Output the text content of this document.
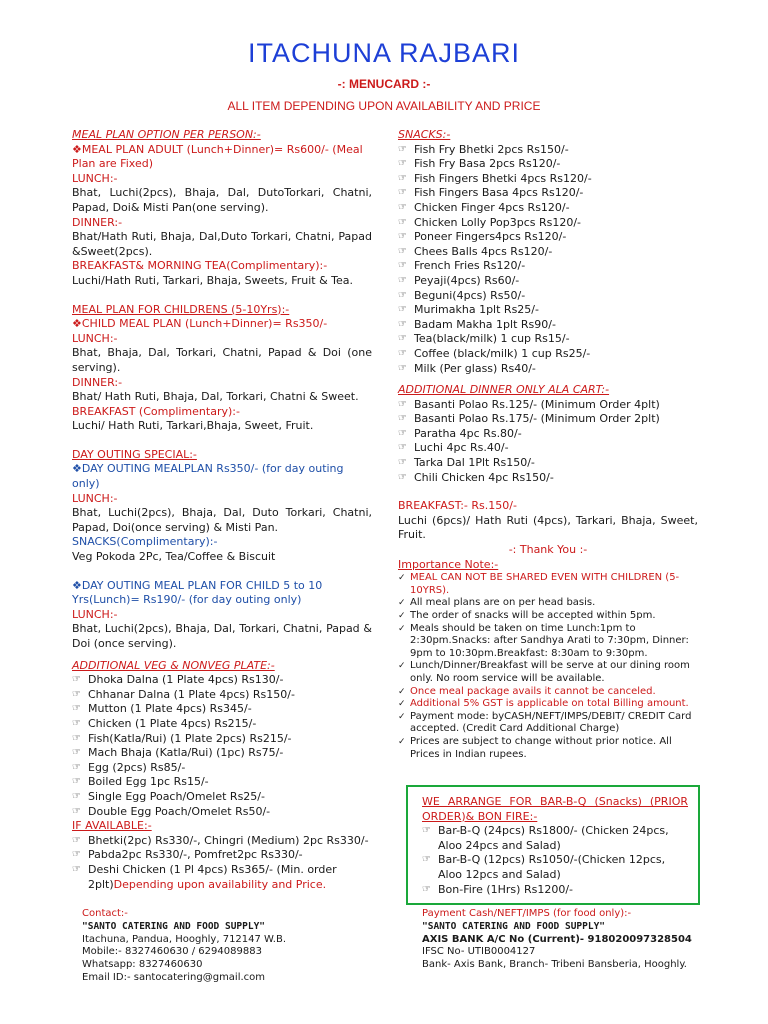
ITACHUNA RAJBARI
-: MENUCARD :-
ALL ITEM DEPENDING UPON AVAILABILITY AND PRICE
MEAL PLAN OPTION PER PERSON:-
❖MEAL PLAN ADULT (Lunch+Dinner)= Rs600/- (Meal Plan are Fixed)
LUNCH:-
Bhat, Luchi(2pcs), Bhaja, Dal, DutoTorkari, Chatni, Papad, Doi& Misti Pan(one serving).
DINNER:-
Bhat/Hath Ruti, Bhaja, Dal,Duto Torkari, Chatni, Papad &Sweet(2pcs).
BREAKFAST& MORNING TEA(Complimentary):-
Luchi/Hath Ruti, Tarkari, Bhaja, Sweets, Fruit & Tea.
MEAL PLAN FOR CHILDRENS (5-10Yrs):-
❖CHILD MEAL PLAN (Lunch+Dinner)= Rs350/-
LUNCH:-
Bhat, Bhaja, Dal, Torkari, Chatni, Papad & Doi (one serving).
DINNER:-
Bhat/ Hath Ruti, Bhaja, Dal, Torkari, Chatni & Sweet.
BREAKFAST (Complimentary):-
Luchi/ Hath Ruti, Tarkari,Bhaja, Sweet, Fruit.
DAY OUTING SPECIAL:-
❖DAY OUTING MEALPLAN Rs350/- (for day outing only)
LUNCH:-
Bhat, Luchi(2pcs), Bhaja, Dal, Duto Torkari, Chatni, Papad, Doi(once serving) & Misti Pan.
SNACKS(Complimentary):-
Veg Pokoda 2Pc, Tea/Coffee & Biscuit
❖DAY OUTING MEAL PLAN FOR CHILD 5 to 10 Yrs(Lunch)= Rs190/- (for day outing only)
LUNCH:-
Bhat, Luchi(2pcs), Bhaja, Dal, Torkari, Chatni, Papad & Doi (once serving).
ADDITIONAL VEG & NONVEG PLATE:-
☞ Dhoka Dalna (1 Plate 4pcs) Rs130/-
☞ Chhanar Dalna (1 Plate 4pcs) Rs150/-
☞ Mutton (1 Plate 4pcs) Rs345/-
☞ Chicken (1 Plate 4pcs) Rs215/-
☞ Fish(Katla/Rui) (1 Plate 2pcs) Rs215/-
☞ Mach Bhaja (Katla/Rui) (1pc) Rs75/-
☞ Egg (2pcs) Rs85/-
☞ Boiled Egg 1pc Rs15/-
☞ Single Egg Poach/Omelet Rs25/-
☞ Double Egg Poach/Omelet Rs50/-
IF AVAILABLE:-
☞ Bhetki(2pc) Rs330/-, Chingri (Medium) 2pc Rs330/-
☞ Pabda2pc Rs330/-, Pomfret2pc Rs330/-
☞ Deshi Chicken (1 Pl 4pcs) Rs365/- (Min. order 2plt)Depending upon availability and Price.
SNACKS:-
☞ Fish Fry Bhetki 2pcs Rs150/-
☞ Fish Fry Basa 2pcs Rs120/-
☞ Fish Fingers Bhetki 4pcs Rs120/-
☞ Fish Fingers Basa 4pcs Rs120/-
☞ Chicken Finger 4pcs Rs120/-
☞ Chicken Lolly Pop3pcs Rs120/-
☞ Poneer Fingers4pcs Rs120/-
☞ Chees Balls 4pcs Rs120/-
☞ French Fries Rs120/-
☞ Peyaji(4pcs) Rs60/-
☞ Beguni(4pcs) Rs50/-
☞ Murimakha 1plt Rs25/-
☞ Badam Makha 1plt Rs90/-
☞ Tea(black/milk) 1 cup Rs15/-
☞ Coffee (black/milk) 1 cup Rs25/-
☞ Milk (Per glass) Rs40/-
ADDITIONAL DINNER ONLY ALA CART:-
☞ Basanti Polao Rs.125/- (Minimum Order 4plt)
☞ Basanti Polao Rs.175/- (Minimum Order 2plt)
☞ Paratha 4pc Rs.80/-
☞ Luchi 4pc Rs.40/-
☞ Tarka Dal 1Plt Rs150/-
☞ Chili Chicken 4pc Rs150/-
BREAKFAST:- Rs.150/-
Luchi (6pcs)/ Hath Ruti (4pcs), Tarkari, Bhaja, Sweet, Fruit.
-: Thank You :-
Importance Note:-
✓ MEAL CAN NOT BE SHARED EVEN WITH CHILDREN (5-10YRS).
✓ All meal plans are on per head basis.
✓ The order of snacks will be accepted within 5pm.
✓ Meals should be taken on time Lunch:1pm to 2:30pm.Snacks: after Sandhya Arati to 7:30pm, Dinner: 9pm to 10:30pm.Breakfast: 8:30am to 9:30pm.
✓ Lunch/Dinner/Breakfast will be serve at our dining room only. No room service will be available.
✓ Once meal package avails it cannot be canceled.
✓ Additional 5% GST is applicable on total Billing amount.
✓ Payment mode: byCASH/NEFT/IMPS/DEBIT/ CREDIT Card accepted. (Credit Card Additional Charge)
✓ Prices are subject to change without prior notice. All Prices in Indian rupees.
WE ARRANGE FOR BAR-B-Q (Snacks) (PRIOR ORDER)& BON FIRE:-
☞ Bar-B-Q (24pcs) Rs1800/- (Chicken 24pcs, Aloo 24pcs and Salad)
☞ Bar-B-Q (12pcs) Rs1050/-(Chicken 12pcs, Aloo 12pcs and Salad)
☞ Bon-Fire (1Hrs) Rs1200/-
Contact:-
"SANTO CATERING AND FOOD SUPPLY"
Itachuna, Pandua, Hooghly, 712147 W.B.
Mobile:- 8327460630 / 6294089883
Whatsapp: 8327460630
Email ID:- santocatering@gmail.com
Payment Cash/NEFT/IMPS (for food only):-
"SANTO CATERING AND FOOD SUPPLY"
AXIS BANK A/C No (Current)- 918020097328504
IFSC No- UTIB0004127
Bank- Axis Bank, Branch- Tribeni Bansberia, Hooghly.
